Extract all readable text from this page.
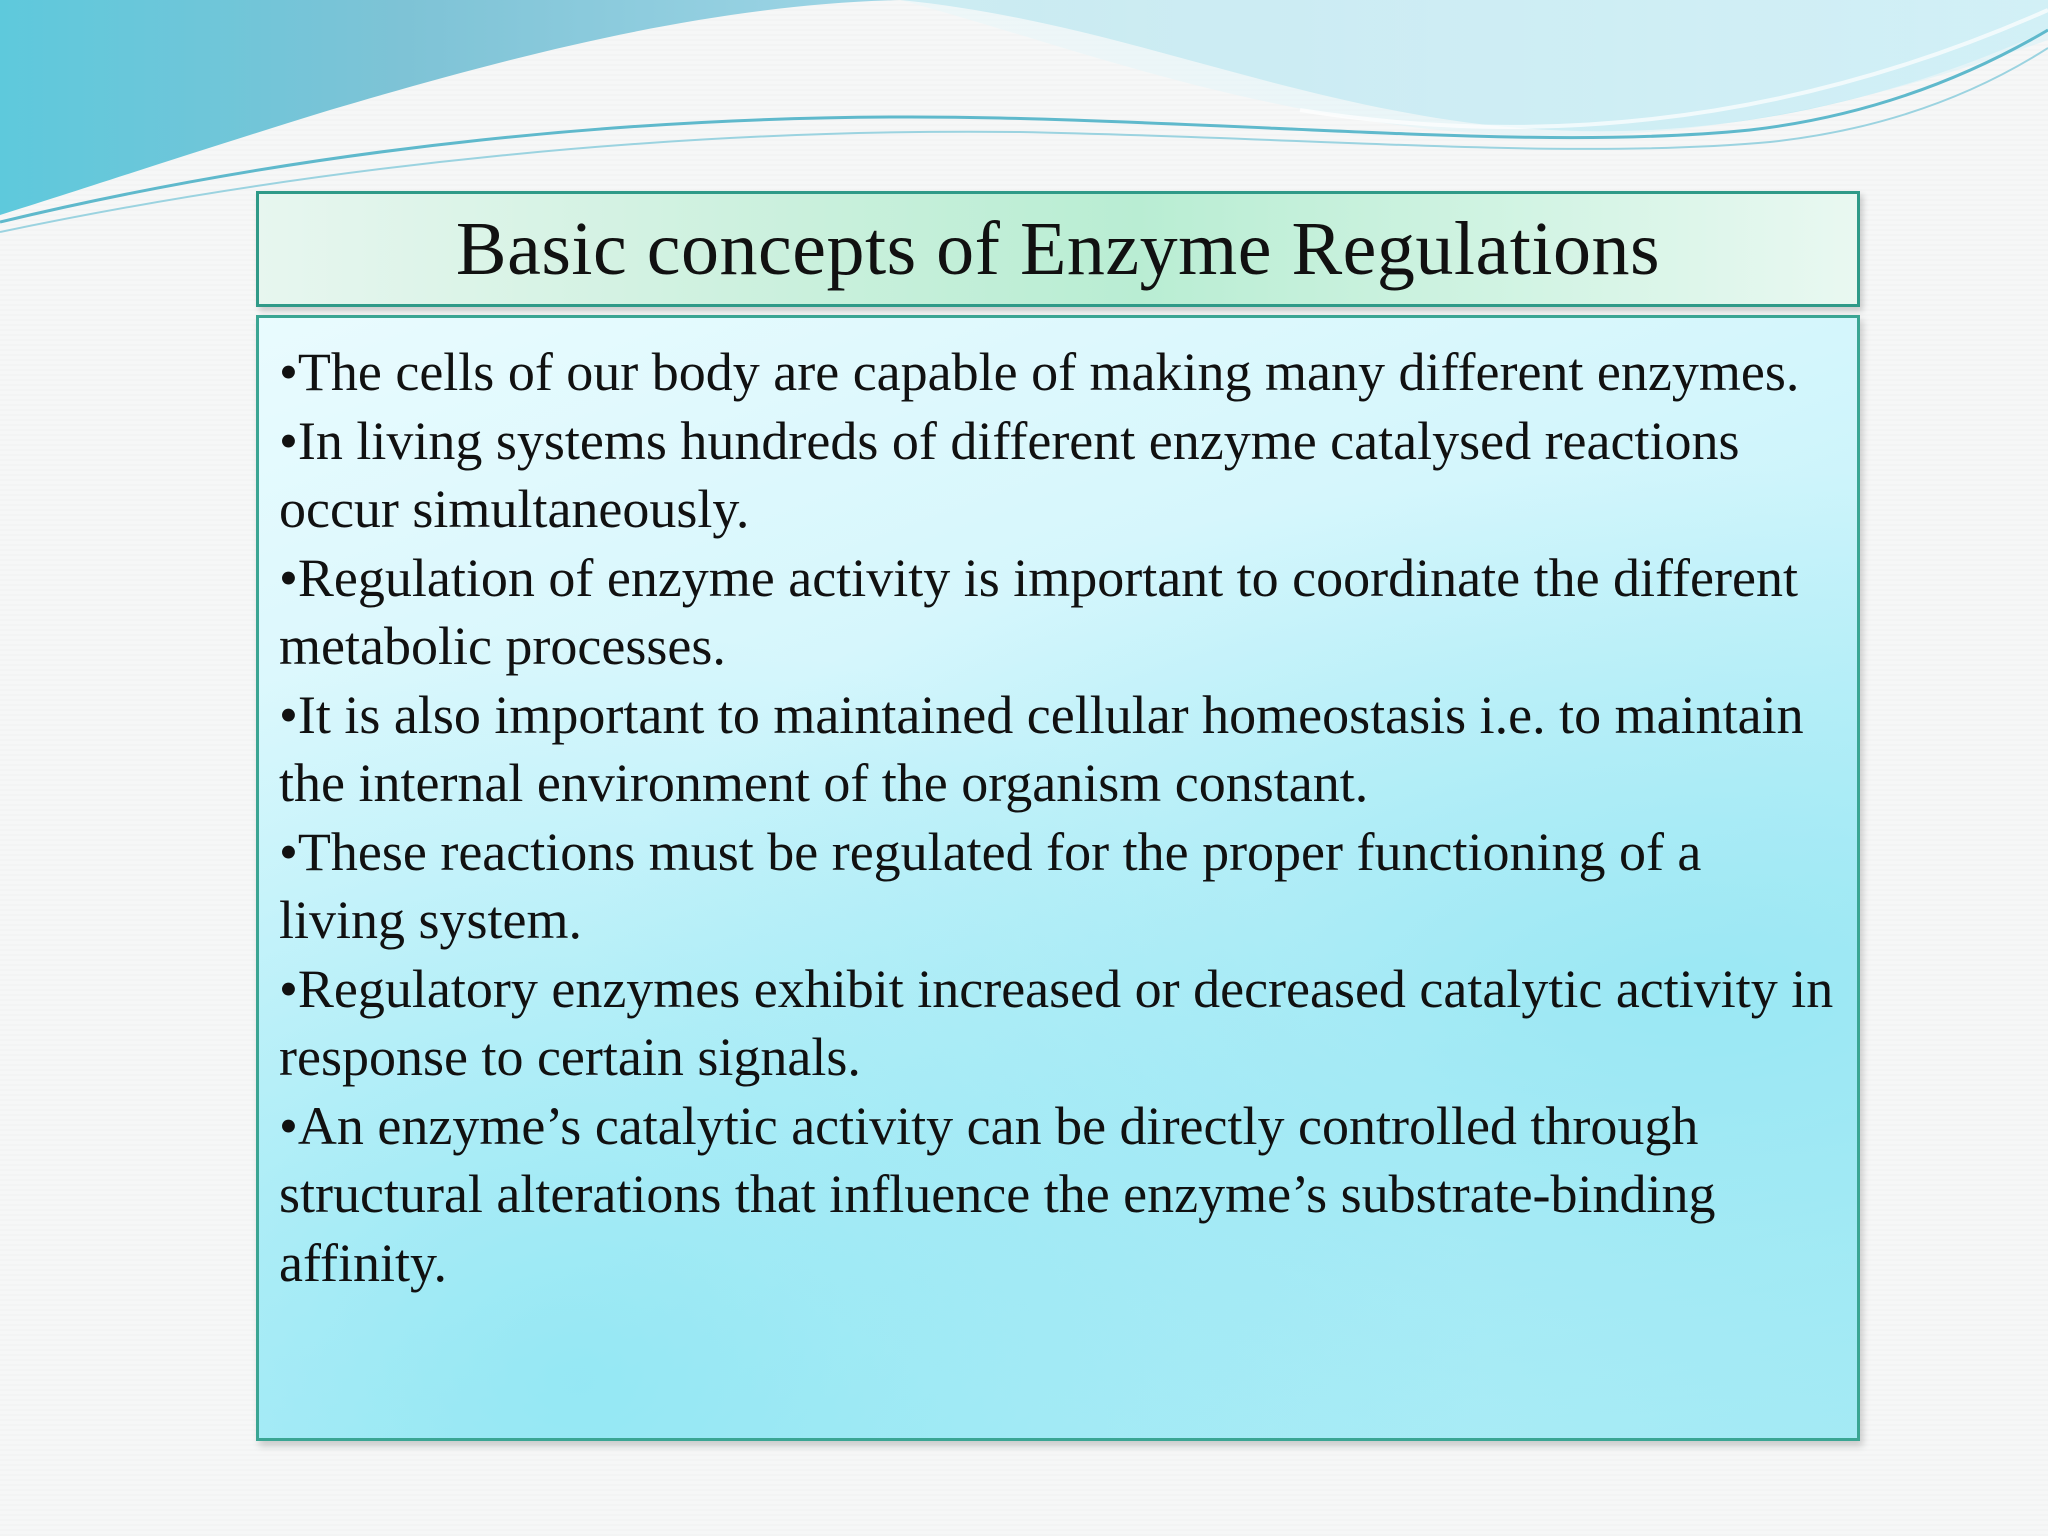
Basic concepts of Enzyme Regulations
•The cells of our body are capable of making many different enzymes.
•In living systems hundreds of different enzyme catalysed reactions occur simultaneously.
•Regulation of enzyme activity is important to coordinate the different metabolic processes.
•It is also important to maintained cellular homeostasis i.e. to maintain the internal environment of the organism constant.
•These reactions must be regulated for the proper functioning of a living system.
•Regulatory enzymes exhibit increased or decreased catalytic activity in response to certain signals.
•An enzyme’s catalytic activity can be directly controlled through structural alterations that influence the enzyme’s substrate-binding affinity.
